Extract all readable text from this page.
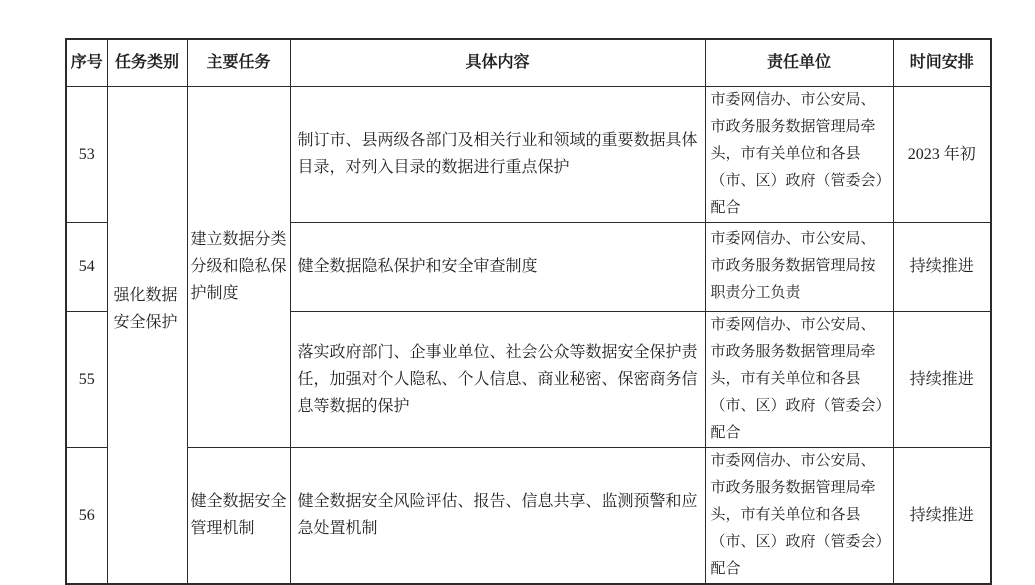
序号	任务类别	主要任务	具体内容	责任单位	时间安排
53	强化数据安全保护	建立数据分类分级和隐私保护制度	制订市、县两级各部门及相关行业和领域的重要数据具体目录，对列入目录的数据进行重点保护	市委网信办、市公安局、市政务服务数据管理局牵头，市有关单位和各县（市、区）政府（管委会）配合	2023 年初
54			健全数据隐私保护和安全审查制度	市委网信办、市公安局、市政务服务数据管理局按职责分工负责	持续推进
55			落实政府部门、企事业单位、社会公众等数据安全保护责任，加强对个人隐私、个人信息、商业秘密、保密商务信息等数据的保护	市委网信办、市公安局、市政务服务数据管理局牵头，市有关单位和各县（市、区）政府（管委会）配合	持续推进
56		健全数据安全管理机制	健全数据安全风险评估、报告、信息共享、监测预警和应急处置机制	市委网信办、市公安局、市政务服务数据管理局牵头，市有关单位和各县（市、区）政府（管委会）配合	持续推进
